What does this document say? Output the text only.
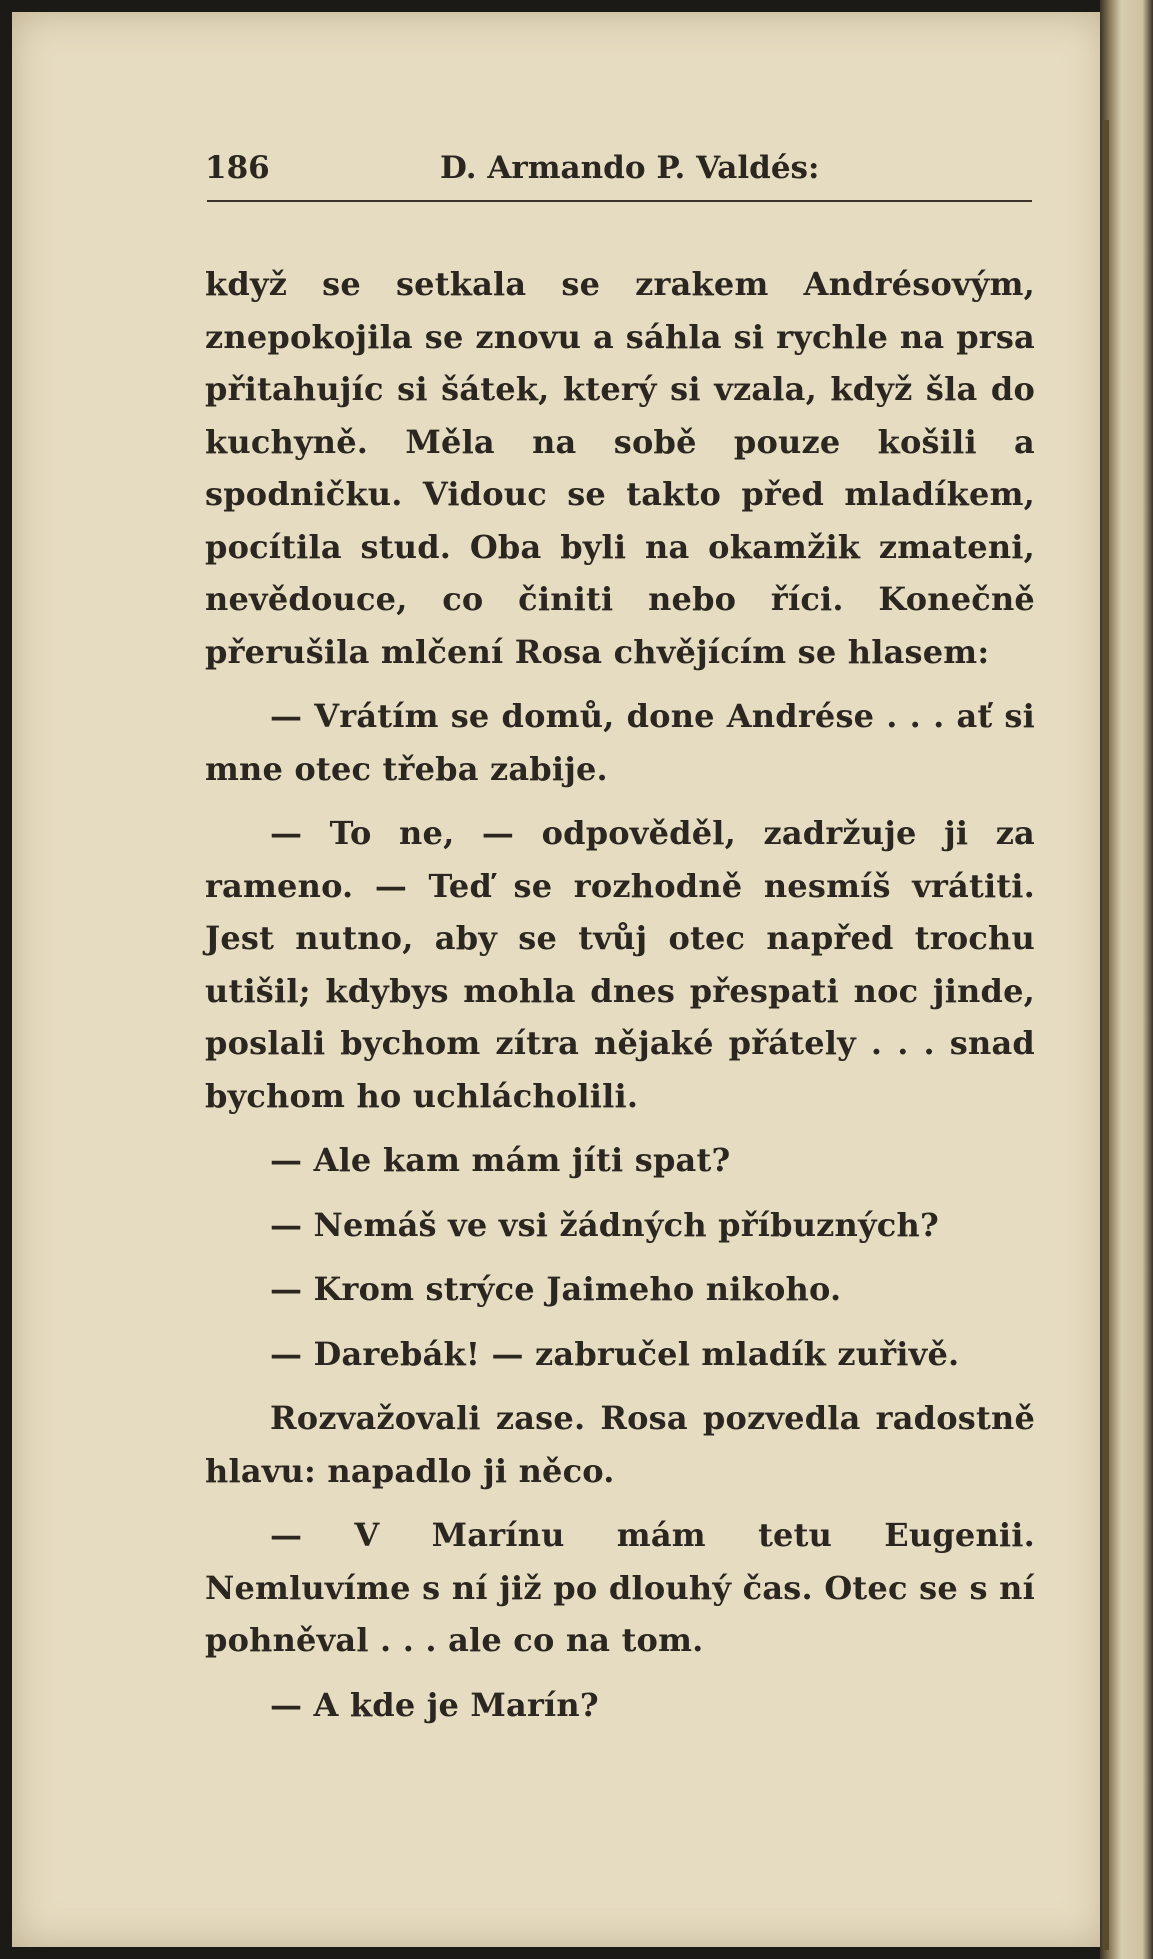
186	D. Armando P. Valdés:

když se setkala se zrakem Andrésovým, znepokojila se znovu a sáhla si rychle na prsa přitahujíc si šátek, který si vzala, když šla do kuchyně. Měla na sobě pouze košili a spodničku. Vidouc se takto před mladíkem, pocítila stud. Oba byli na okamžik zmateni, nevědouce, co činiti nebo říci. Konečně přerušila mlčení Rosa chvějícím se hlasem:

— Vrátím se domů, done Andrése . . . ať si mne otec třeba zabije.

— To ne, — odpověděl, zadržuje ji za rameno. — Teď se rozhodně nesmíš vrátiti. Jest nutno, aby se tvůj otec napřed trochu utišil; kdybys mohla dnes přespati noc jinde, poslali bychom zítra nějaké přátely . . . snad bychom ho uchlácholili.

— Ale kam mám jíti spat?

— Nemáš ve vsi žádných příbuzných?

— Krom strýce Jaimeho nikoho.

— Darebák! — zabručel mladík zuřivě.

Rozvažovali zase. Rosa pozvedla radostně hlavu: napadlo ji něco.

— V Marínu mám tetu Eugenii. Nemluvíme s ní již po dlouhý čas. Otec se s ní pohněval . . . ale co na tom.

— A kde je Marín?
